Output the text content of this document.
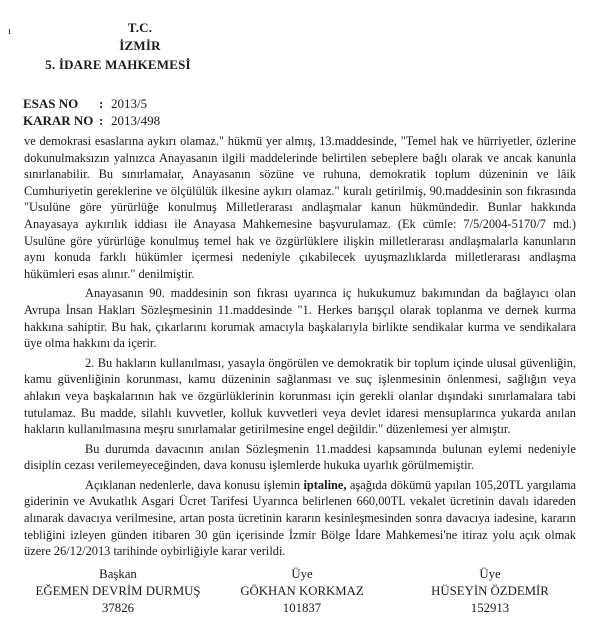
ı	T.C.
İZMİR
5. İDARE MAHKEMESİ
ESAS NO : 2013/5
KARAR NO : 2013/498

ve demokrasi esaslarına aykırı olamaz." hükmü yer almış, 13.maddesinde, "Temel hak ve hürriyetler, özlerine dokunulmaksızın yalnızca Anayasanın ilgili maddelerinde belirtilen sebeplere bağlı olarak ve ancak kanunla sınırlanabilir. Bu sınırlamalar, Anayasanın sözüne ve ruhuna, demokratik toplum düzeninin ve lâik Cumhuriyetin gereklerine ve ölçülülük ilkesine aykırı olamaz." kuralı getirilmiş, 90.maddesinin son fıkrasında "Usulüne göre yürürlüğe konulmuş Milletlerarası andlaşmalar kanun hükmündedir. Bunlar hakkında Anayasaya aykırılık iddiası ile Anayasa Mahkemesine başvurulamaz. (Ek cümle: 7/5/2004-5170/7 md.) Usulüne göre yürürlüğe konulmuş temel hak ve özgürlüklere ilişkin milletlerarası andlaşmalarla kanunların aynı konuda farklı hükümler içermesi nedeniyle çıkabilecek uyuşmazlıklarda milletlerarası andlaşma hükümleri esas alınır." denilmiştir.

Anayasanın 90. maddesinin son fıkrası uyarınca iç hukukumuz bakımından da bağlayıcı olan Avrupa İnsan Hakları Sözleşmesinin 11.maddesinde "1. Herkes barışçıl olarak toplanma ve dernek kurma hakkına sahiptir. Bu hak, çıkarlarını korumak amacıyla başkalarıyla birlikte sendikalar kurma ve sendikalara üye olma hakkını da içerir.

2. Bu hakların kullanılması, yasayla öngörülen ve demokratik bir toplum içinde ulusal güvenliğin, kamu güvenliğinin korunması, kamu düzeninin sağlanması ve suç işlenmesinin önlenmesi, sağlığın veya ahlakın veya başkalarının hak ve özgürlüklerinin korunması için gerekli olanlar dışındaki sınırlamalara tabi tutulamaz. Bu madde, silahlı kuvvetler, kolluk kuvvetleri veya devlet idaresi mensuplarınca yukarda anılan hakların kullanılmasına meşru sınırlamalar getirilmesine engel değildir." düzenlemesi yer almıştır.

Bu durumda davacının anılan Sözleşmenin 11.maddesi kapsamında bulunan eylemi nedeniyle disiplin cezası verilemeyeceğinden, dava konusu işlemlerde hukuka uyarlık görülmemiştir.

Açıklanan nedenlerle, dava konusu işlemin iptaline, aşağıda dökümü yapılan 105,20TL yargılama giderinin ve Avukatlık Asgari Ücret Tarifesi Uyarınca belirlenen 660,00TL vekalet ücretinin davalı idareden alınarak davacıya verilmesine, artan posta ücretinin kararın kesinleşmesinden sonra davacıya iadesine, kararın tebliğini izleyen günden itibaren 30 gün içerisinde İzmir Bölge İdare Mahkemesi'ne itiraz yolu açık olmak üzere 26/12/2013 tarihinde oybirliğiyle karar verildi.

Başkan
EĞEMEN DEVRİM DURMUŞ
37826
Üye
GÖKHAN KORKMAZ
101837
Üye
HÜSEYİN ÖZDEMİR
152913
